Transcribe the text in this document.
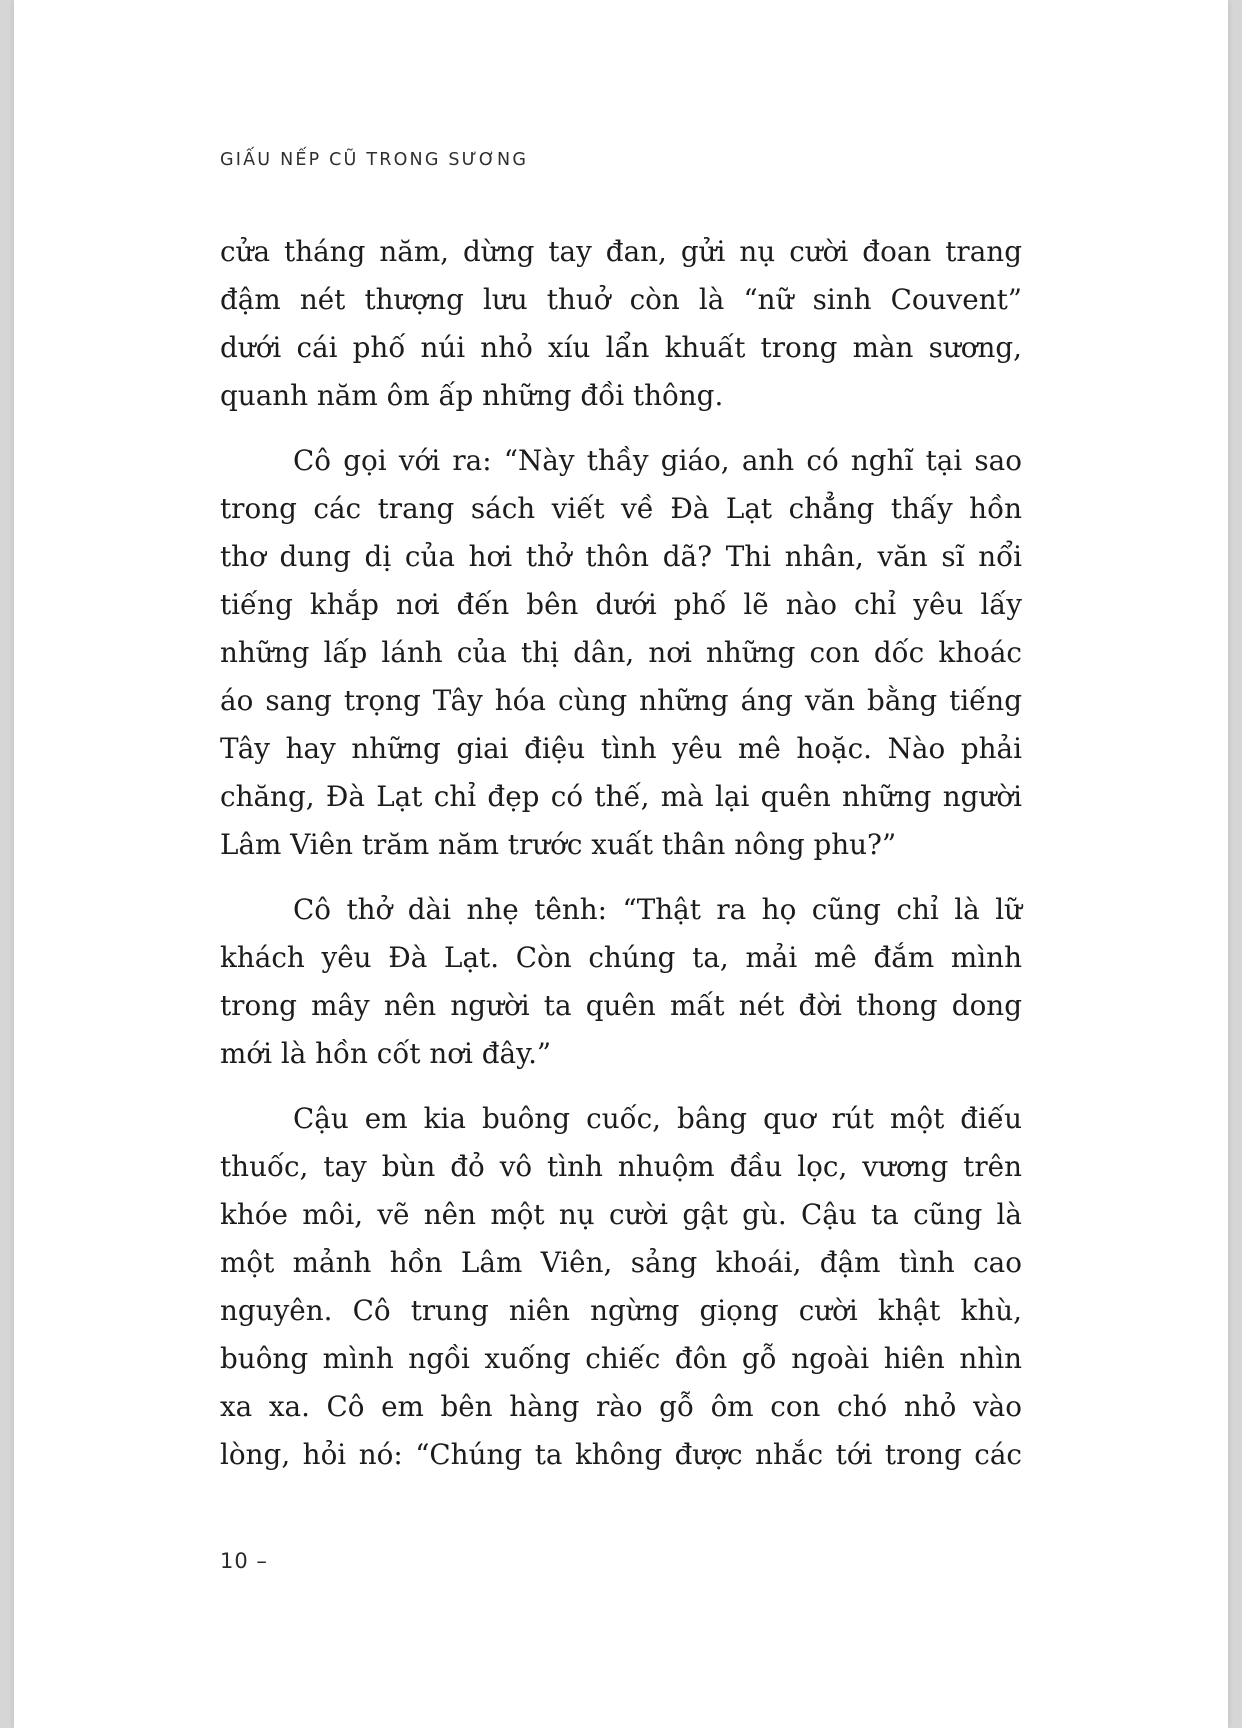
GIẤU NẾP CŨ TRONG SƯƠNG

cửa tháng năm, dừng tay đan, gửi nụ cười đoan trang
đậm nét thượng lưu thuở còn là “nữ sinh Couvent”
dưới cái phố núi nhỏ xíu lẩn khuất trong màn sương,
quanh năm ôm ấp những đồi thông.

Cô gọi với ra: “Này thầy giáo, anh có nghĩ tại sao
trong các trang sách viết về Đà Lạt chẳng thấy hồn
thơ dung dị của hơi thở thôn dã? Thi nhân, văn sĩ nổi
tiếng khắp nơi đến bên dưới phố lẽ nào chỉ yêu lấy
những lấp lánh của thị dân, nơi những con dốc khoác
áo sang trọng Tây hóa cùng những áng văn bằng tiếng
Tây hay những giai điệu tình yêu mê hoặc. Nào phải
chăng, Đà Lạt chỉ đẹp có thế, mà lại quên những người
Lâm Viên trăm năm trước xuất thân nông phu?”

Cô thở dài nhẹ tênh: “Thật ra họ cũng chỉ là lữ
khách yêu Đà Lạt. Còn chúng ta, mải mê đắm mình
trong mây nên người ta quên mất nét đời thong dong
mới là hồn cốt nơi đây.”

Cậu em kia buông cuốc, bâng quơ rút một điếu
thuốc, tay bùn đỏ vô tình nhuộm đầu lọc, vương trên
khóe môi, vẽ nên một nụ cười gật gù. Cậu ta cũng là
một mảnh hồn Lâm Viên, sảng khoái, đậm tình cao
nguyên. Cô trung niên ngừng giọng cười khật khù,
buông mình ngồi xuống chiếc đôn gỗ ngoài hiên nhìn
xa xa. Cô em bên hàng rào gỗ ôm con chó nhỏ vào
lòng, hỏi nó: “Chúng ta không được nhắc tới trong các

10 –
